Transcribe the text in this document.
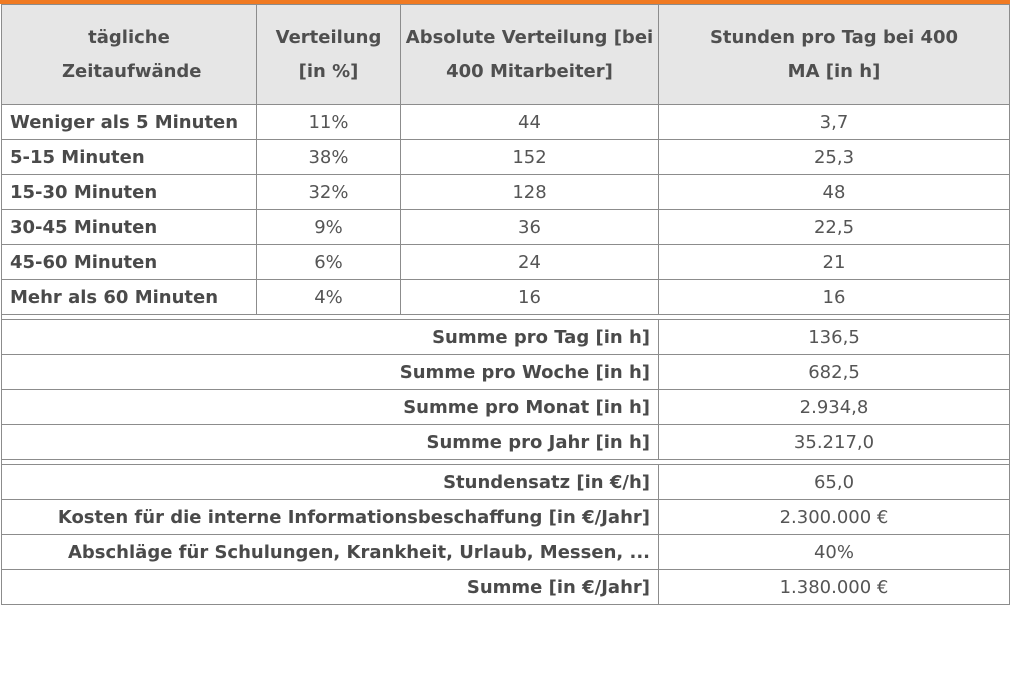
tägliche Zeitaufwände	Verteilung [in %]	Absolute Verteilung [bei 400 Mitarbeiter]	Stunden pro Tag bei 400 MA [in h]
Weniger als 5 Minuten	11%	44	3,7
5-15 Minuten	38%	152	25,3
15-30 Minuten	32%	128	48
30-45 Minuten	9%	36	22,5
45-60 Minuten	6%	24	21
Mehr als 60 Minuten	4%	16	16

Summe pro Tag [in h]			136,5
Summe pro Woche [in h]			682,5
Summe pro Monat [in h]			2.934,8
Summe pro Jahr [in h]			35.217,0

Stundensatz [in €/h]			65,0
Kosten für die interne Informationsbeschaffung [in €/Jahr]			2.300.000 €
Abschläge für Schulungen, Krankheit, Urlaub, Messen, ...			40%
Summe [in €/Jahr]			1.380.000 €
